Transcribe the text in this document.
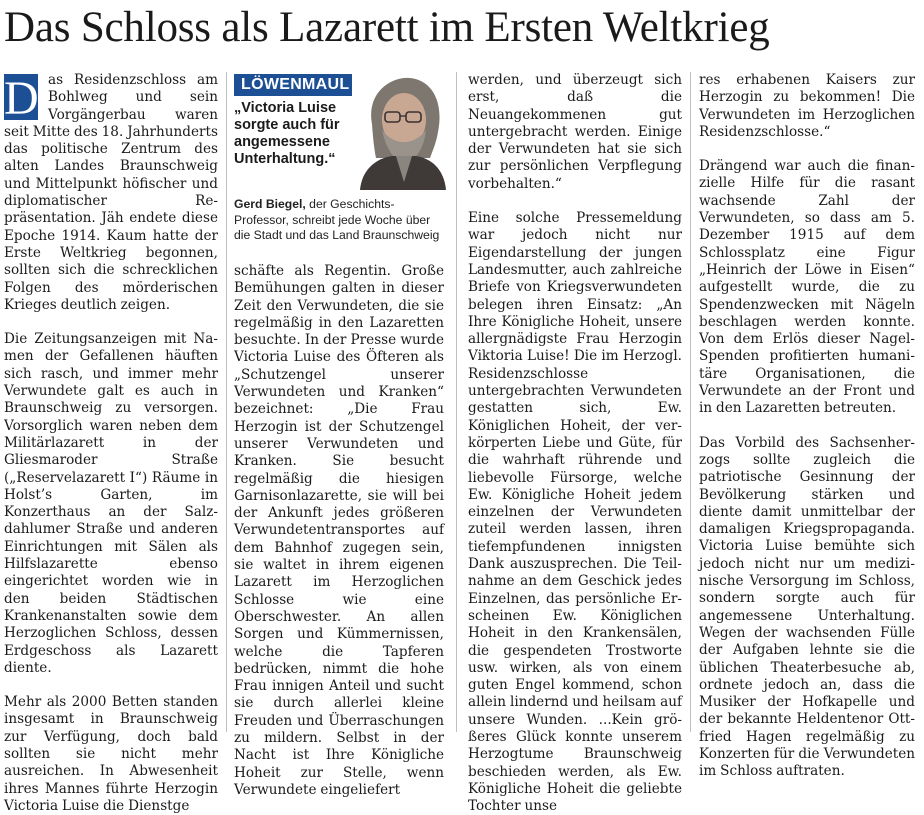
Das Schloss als Lazarett im Ersten Weltkrieg

D as Residenzschloss am Bohlweg und sein Vorgängerbau waren seit Mitte des 18. Jahrhunderts das politische Zentrum des alten Landes Braunschweig und Mittelpunkt höfischer und diplomatischer Repräsentation. Jäh endete diese Epoche 1914. Kaum hatte der Erste Weltkrieg begonnen, sollten sich die schrecklichen Folgen des mörderischen Krieges deutlich zeigen.

Die Zeitungsanzeigen mit Namen der Gefallenen häuften sich rasch, und immer mehr Verwundete galt es auch in Braunschweig zu versorgen. Vorsorglich waren neben dem Militärlazarett in der Gliesmaroder Straße („Reservelazarett I“) Räume in Holst’s Garten, im Konzerthaus an der Salzdahlumer Straße und anderen Einrichtungen mit Sälen als Hilfslazarette ebenso eingerichtet worden wie in den beiden Städtischen Krankenanstalten sowie dem Herzoglichen Schloss, dessen Erdgeschoss als Lazarett diente.

Mehr als 2000 Betten standen insgesamt in Braunschweig zur Verfügung, doch bald sollten sie nicht mehr ausreichen. In Abwesenheit ihres Mannes führte Herzogin Victoria Luise die Dienstge

LÖWENMAUL
„Victoria Luise sorgte auch für angemessene Unterhaltung.“
Gerd Biegel, der Geschichts-Professor, schreibt jede Woche über die Stadt und das Land Braunschweig

schäfte als Regentin. Große Bemühungen galten in dieser Zeit den Verwundeten, die sie regelmäßig in den Lazaretten besuchte. In der Presse wurde Victoria Luise des Öfteren als „Schutzengel unserer Verwundeten und Kranken“ bezeichnet: „Die Frau Herzogin ist der Schutzengel unserer Verwundeten und Kranken. Sie besucht regelmäßig die hiesigen Garnisonlazarette, sie will bei der Ankunft jedes größeren Verwundetentransportes auf dem Bahnhof zugegen sein, sie waltet in ihrem eigenen Lazarett im Herzoglichen Schlosse wie eine Oberschwester. An allen Sorgen und Kümmernissen, welche die Tapferen bedrücken, nimmt die hohe Frau innigen Anteil und sucht sie durch allerlei kleine Freuden und Überraschungen zu mildern. Selbst in der Nacht ist Ihre Königliche Hoheit zur Stelle, wenn Verwundete eingeliefert

werden, und überzeugt sich erst, daß die Neuangekommenen gut untergebracht werden. Einige der Verwundeten hat sie sich zur persönlichen Verpflegung vorbehalten.“

Eine solche Pressemeldung war jedoch nicht nur Eigendarstellung der jungen Landesmutter, auch zahlreiche Briefe von Kriegsverwundeten belegen ihren Einsatz: „An Ihre Königliche Hoheit, unsere allergnädigste Frau Herzogin Viktoria Luise! Die im Herzogl. Residenzschlosse untergebrachten Verwundeten gestatten sich, Ew. Königlichen Hoheit, der verkörperten Liebe und Güte, für die wahrhaft rührende und liebevolle Fürsorge, welche Ew. Königliche Hoheit jedem einzelnen der Verwundeten zuteil werden lassen, ihren tiefempfundenen innigsten Dank auszusprechen. Die Teilnahme an dem Geschick jedes Einzelnen, das persönliche Erscheinen Ew. Königlichen Hoheit in den Krankensälen, die gespendeten Trostworte usw. wirken, als von einem guten Engel kommend, schon allein lindernd und heilsam auf unsere Wunden. ...Kein größeres Glück konnte unserem Herzogtume Braunschweig beschieden werden, als Ew. Königliche Hoheit die geliebte Tochter unse

res erhabenen Kaisers zur Herzogin zu bekommen! Die Verwundeten im Herzoglichen Residenzschlosse.“

Drängend war auch die finanzielle Hilfe für die rasant wachsende Zahl der Verwundeten, so dass am 5. Dezember 1915 auf dem Schlossplatz eine Figur „Heinrich der Löwe in Eisen“ aufgestellt wurde, die zu Spendenzwecken mit Nägeln beschlagen werden konnte. Von dem Erlös dieser Nagel-Spenden profitierten humanitäre Organisationen, die Verwundete an der Front und in den Lazaretten betreuten.

Das Vorbild des Sachsenherzogs sollte zugleich die patriotische Gesinnung der Bevölkerung stärken und diente damit unmittelbar der damaligen Kriegspropaganda. Victoria Luise bemühte sich jedoch nicht nur um medizinische Versorgung im Schloss, sondern sorgte auch für angemessene Unterhaltung. Wegen der wachsenden Fülle der Aufgaben lehnte sie die üblichen Theaterbesuche ab, ordnete jedoch an, dass die Musiker der Hofkapelle und der bekannte Heldentenor Ottfried Hagen regelmäßig zu Konzerten für die Verwundeten im Schloss auftraten.
